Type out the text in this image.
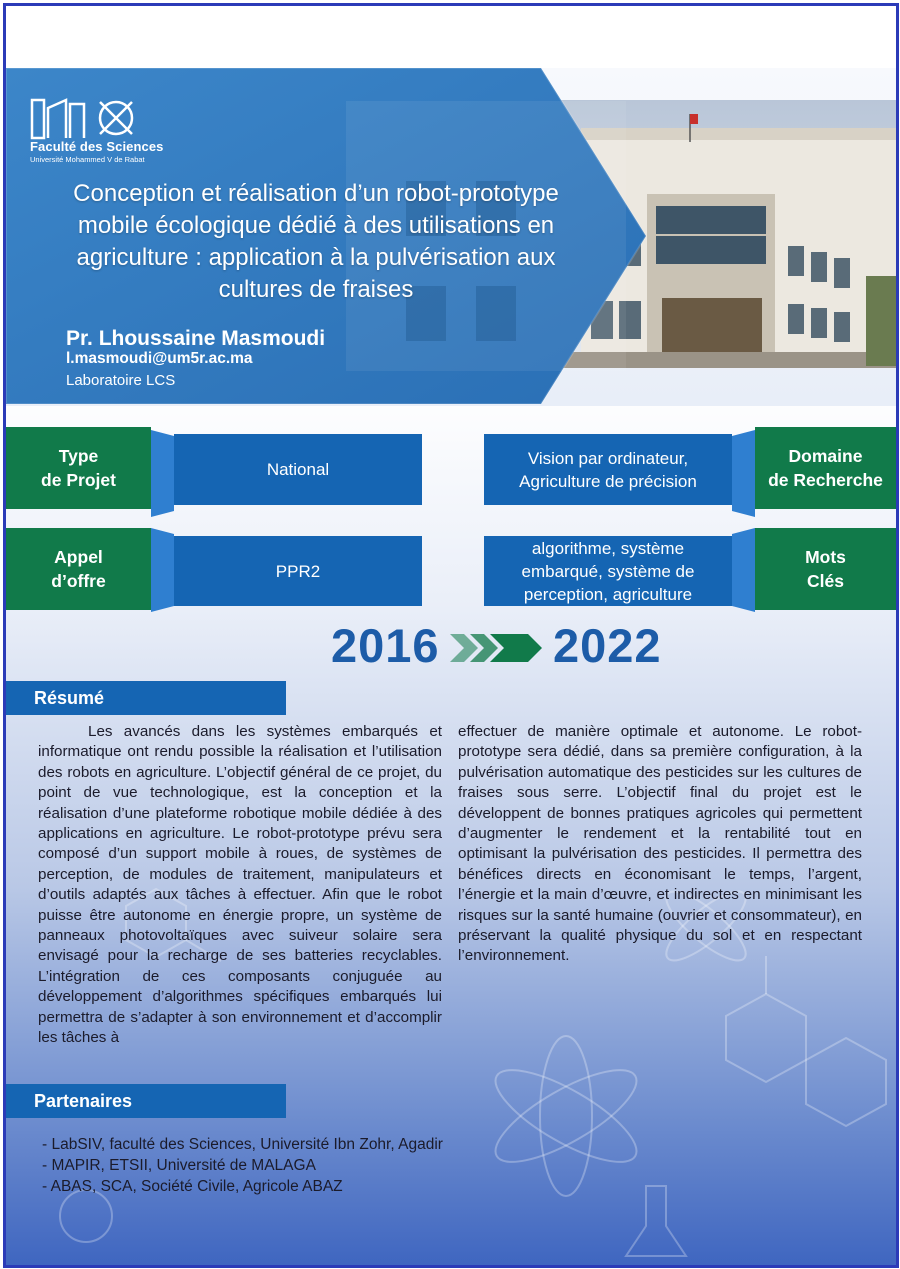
Faculté des Sciences
Université Mohammed V de Rabat
Conception et réalisation d’un robot-prototype mobile écologique dédié à des utilisations en agriculture : application à la pulvérisation aux cultures de fraises
Pr. Lhoussaine Masmoudi
l.masmoudi@um5r.ac.ma
Laboratoire LCS
Type
de Projet
National
Vision par ordinateur,
Agriculture de précision
Domaine
de Recherche
Appel
d’offre	PPR2
algorithme, système
embarqué, système de
perception, agriculture
Mots
Clés
2016 2022
Résumé

Les avancés dans les systèmes embarqués et informatique ont rendu possible la réalisation et l’utilisation des robots en agriculture. L’objectif général de ce projet, du point de vue technologique, est la conception et la réalisation d’une plateforme robotique mobile dédiée à des applications en agriculture. Le robot-prototype prévu sera composé d’un support mobile à roues, de systèmes de perception, de modules de traitement, manipulateurs et d’outils adaptés aux tâches à effectuer. Afin que le robot puisse être autonome en énergie propre, un système de panneaux photovoltaïques avec suiveur solaire sera envisagé pour la recharge de ses batteries recyclables. L’intégration de ces composants conjuguée au développement d’algorithmes spécifiques embarqués lui permettra de s’adapter à son environnement et d’accomplir les tâches à

effectuer de manière optimale et autonome. Le robot-prototype sera dédié, dans sa première configuration, à la pulvérisation automatique des pesticides sur les cultures de fraises sous serre. L’objectif final du projet est le développent de bonnes pratiques agricoles qui permettent d’augmenter le rendement et la rentabilité tout en optimisant la pulvérisation des pesticides. Il permettra des bénéfices directs en économisant le temps, l’argent, l’énergie et la main d’œuvre, et indirectes en minimisant les risques sur la santé humaine (ouvrier et consommateur), en préservant la qualité physique du sol et en respectant l’environnement.

Partenaires
- LabSIV, faculté des Sciences, Université Ibn Zohr, Agadir
- MAPIR, ETSII, Université de MALAGA
- ABAS, SCA, Société Civile, Agricole ABAZ
